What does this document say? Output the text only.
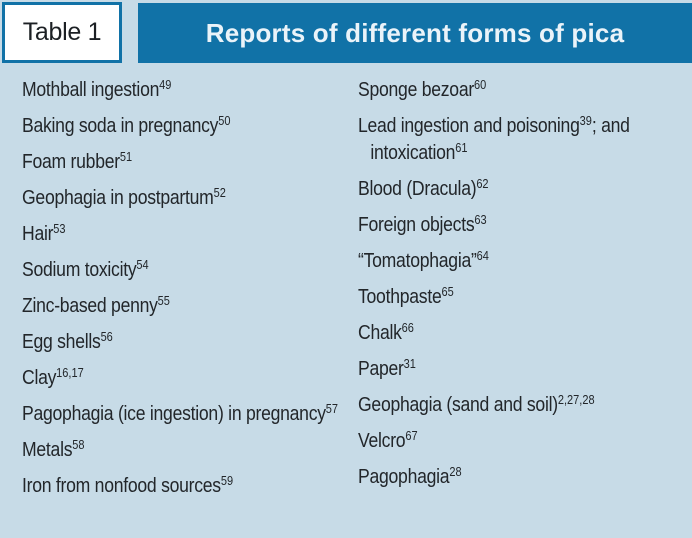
Table 1	Reports of different forms of pica
Mothball ingestion$^{49}$
Baking soda in pregnancy$^{50}$
Foam rubber$^{51}$
Geophagia in postpartum$^{52}$
Hair$^{53}$
Sodium toxicity$^{54}$
Zinc-based penny$^{55}$
Egg shells$^{56}$
Clay$^{16,17}$
Pagophagia (ice ingestion) in pregnancy$^{57}$
Metals$^{58}$
Iron from nonfood sources$^{59}$
Sponge bezoar$^{60}$
Lead ingestion and poisoning$^{39}$; and
intoxication$^{61}$
Blood (Dracula)$^{62}$
Foreign objects$^{63}$
“Tomatophagia”$^{64}$
Toothpaste$^{65}$
Chalk$^{66}$
Paper$^{31}$
Geophagia (sand and soil)$^{2,27,28}$
Velcro$^{67}$
Pagophagia$^{28}$
